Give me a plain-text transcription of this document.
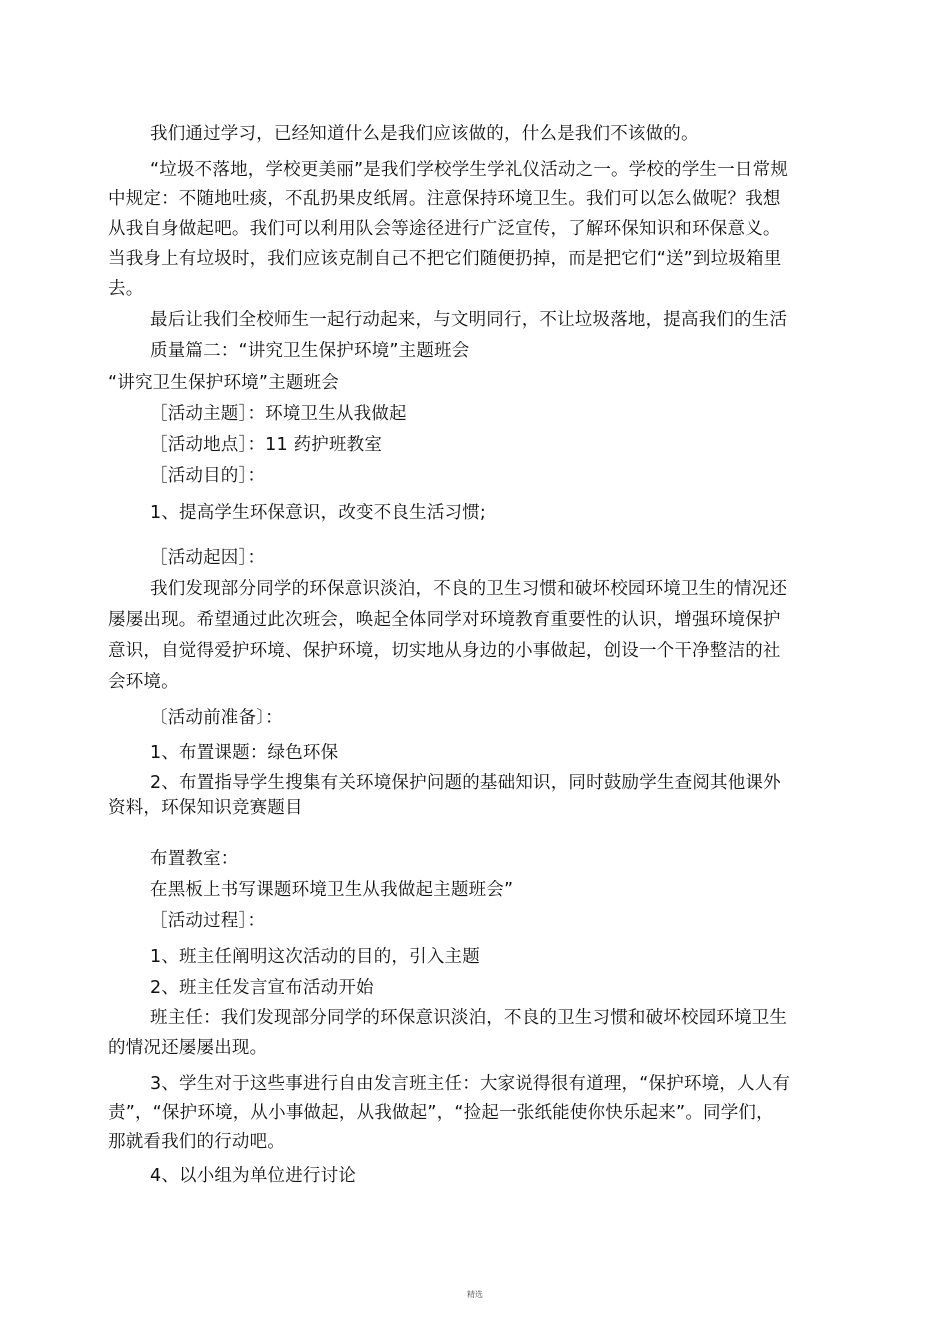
我们通过学习，已经知道什么是我们应该做的，什么是我们不该做的。
“垃圾不落地，学校更美丽”是我们学校学生学礼仪活动之一。学校的学生一日常规
中规定：不随地吐痰，不乱扔果皮纸屑。注意保持环境卫生。我们可以怎么做呢？我想
从我自身做起吧。我们可以利用队会等途径进行广泛宣传，了解环保知识和环保意义。
当我身上有垃圾时，我们应该克制自己不把它们随便扔掉，而是把它们“送”到垃圾箱里
去。
最后让我们全校师生一起行动起来，与文明同行，不让垃圾落地，提高我们的生活
质量篇二：“讲究卫生保护环境”主题班会
“讲究卫生保护环境”主题班会
［活动主题］：环境卫生从我做起
［活动地点］：11 药护班教室
［活动目的］：
1、提高学生环保意识，改变不良生活习惯;
［活动起因］：
我们发现部分同学的环保意识淡泊，不良的卫生习惯和破坏校园环境卫生的情况还
屡屡出现。希望通过此次班会，唤起全体同学对环境教育重要性的认识，增强环境保护
意识，自觉得爱护环境、保护环境，切实地从身边的小事做起，创设一个干净整洁的社
会环境。
〔活动前准备〕：
1、布置课题：绿色环保
2、布置指导学生搜集有关环境保护问题的基础知识，同时鼓励学生查阅其他课外
资料，环保知识竞赛题目
布置教室：
在黑板上书写课题环境卫生从我做起主题班会”
［活动过程］：
1、班主任阐明这次活动的目的，引入主题
2、班主任发言宣布活动开始
班主任：我们发现部分同学的环保意识淡泊，不良的卫生习惯和破坏校园环境卫生
的情况还屡屡出现。
3、学生对于这些事进行自由发言班主任：大家说得很有道理，“保护环境，人人有
责”，“保护环境，从小事做起，从我做起”，“捡起一张纸能使你快乐起来”。同学们，
那就看我们的行动吧。
4、以小组为单位进行讨论
精选
